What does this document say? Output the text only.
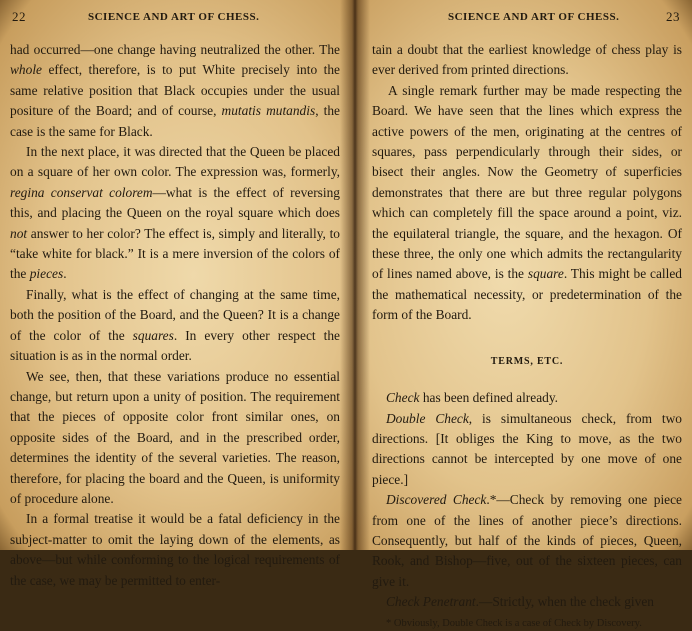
22	SCIENCE AND ART OF CHESS.

had occurred—one change having neutralized the other. The whole effect, therefore, is to put White precisely into the same relative position that Black occupies under the usual positure of the Board; and of course, mutatis mutandis, the case is the same for Black.

In the next place, it was directed that the Queen be placed on a square of her own color. The expression was, formerly, regina conservat colorem—what is the effect of reversing this, and placing the Queen on the royal square which does not answer to her color? The effect is, simply and literally, to “take white for black.” It is a mere inversion of the colors of the pieces.

Finally, what is the effect of changing at the same time, both the position of the Board, and the Queen? It is a change of the color of the squares. In every other respect the situation is as in the normal order.

We see, then, that these variations produce no essential change, but return upon a unity of position. The requirement that the pieces of opposite color front similar ones, on opposite sides of the Board, and in the prescribed order, determines the identity of the several varieties. The reason, therefore, for placing the board and the Queen, is uniformity of procedure alone.

In a formal treatise it would be a fatal deficiency in the subject-matter to omit the laying down of the elements, as above—but while conforming to the logical requirements of the case, we may be permitted to enter-

SCIENCE AND ART OF CHESS.	23

tain a doubt that the earliest knowledge of chess play is ever derived from printed directions.

A single remark further may be made respecting the Board. We have seen that the lines which express the active powers of the men, originating at the centres of squares, pass perpendicularly through their sides, or bisect their angles. Now the Geometry of superficies demonstrates that there are but three regular polygons which can completely fill the space around a point, viz. the equilateral triangle, the square, and the hexagon. Of these three, the only one which admits the rectangularity of lines named above, is the square. This might be called the mathematical necessity, or predetermination of the form of the Board.

TERMS, ETC.

Check has been defined already.

Double Check, is simultaneous check, from two directions. [It obliges the King to move, as the two directions cannot be intercepted by one move of one piece.]

Discovered Check.*—Check by removing one piece from one of the lines of another piece’s directions. Consequently, but half of the kinds of pieces, Queen, Rook, and Bishop—five, out of the sixteen pieces, can give it.

Check Penetrant.—Strictly, when the check given

* Obviously, Double Check is a case of Check by Discovery.
